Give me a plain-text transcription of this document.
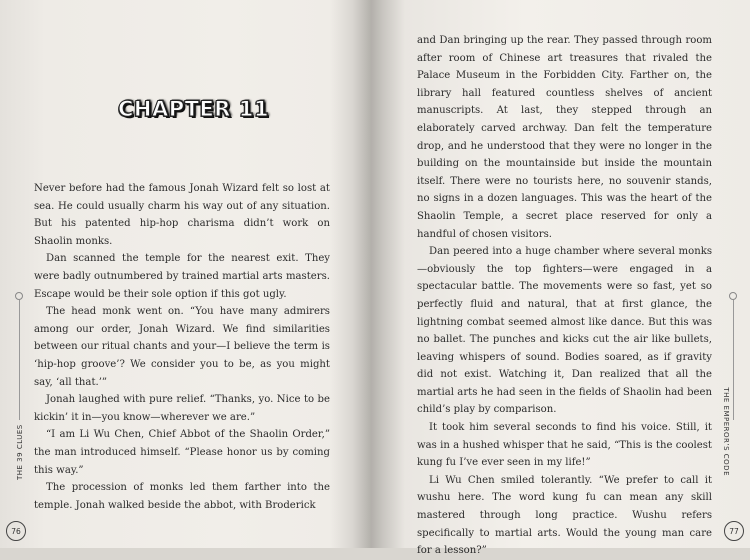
CHAPTER 11

Never before had the famous Jonah Wizard felt so lost at sea. He could usually charm his way out of any situation. But his patented hip-hop charisma didn’t work on Shaolin monks.

Dan scanned the temple for the nearest exit. They were badly outnumbered by trained martial arts masters. Escape would be their sole option if this got ugly.

The head monk went on. “You have many admirers among our order, Jonah Wizard. We find similarities between our ritual chants and your—I believe the term is ‘hip-hop groove’? We consider you to be, as you might say, ‘all that.’”

Jonah laughed with pure relief. “Thanks, yo. Nice to be kickin’ it in—you know—wherever we are.”

“I am Li Wu Chen, Chief Abbot of the Shaolin Order,” the man introduced himself. “Please honor us by coming this way.”

The procession of monks led them farther into the temple. Jonah walked beside the abbot, with Broderick

THE 39 CLUES
76

and Dan bringing up the rear. They passed through room after room of Chinese art treasures that rivaled the Palace Museum in the Forbidden City. Farther on, the library hall featured countless shelves of ancient manuscripts. At last, they stepped through an elaborately carved archway. Dan felt the temperature drop, and he understood that they were no longer in the building on the mountainside but inside the mountain itself. There were no tourists here, no souvenir stands, no signs in a dozen languages. This was the heart of the Shaolin Temple, a secret place reserved for only a handful of chosen visitors.

Dan peered into a huge chamber where several monks—obviously the top fighters—were engaged in a spectacular battle. The movements were so fast, yet so perfectly fluid and natural, that at first glance, the lightning combat seemed almost like dance. But this was no ballet. The punches and kicks cut the air like bullets, leaving whispers of sound. Bodies soared, as if gravity did not exist. Watching it, Dan realized that all the martial arts he had seen in the fields of Shaolin had been child’s play by comparison.

It took him several seconds to find his voice. Still, it was in a hushed whisper that he said, “This is the coolest kung fu I’ve ever seen in my life!”

Li Wu Chen smiled tolerantly. “We prefer to call it wushu here. The word kung fu can mean any skill mastered through long practice. Wushu refers specifically to martial arts. Would the young man care for a lesson?”

THE EMPEROR’S CODE
77
